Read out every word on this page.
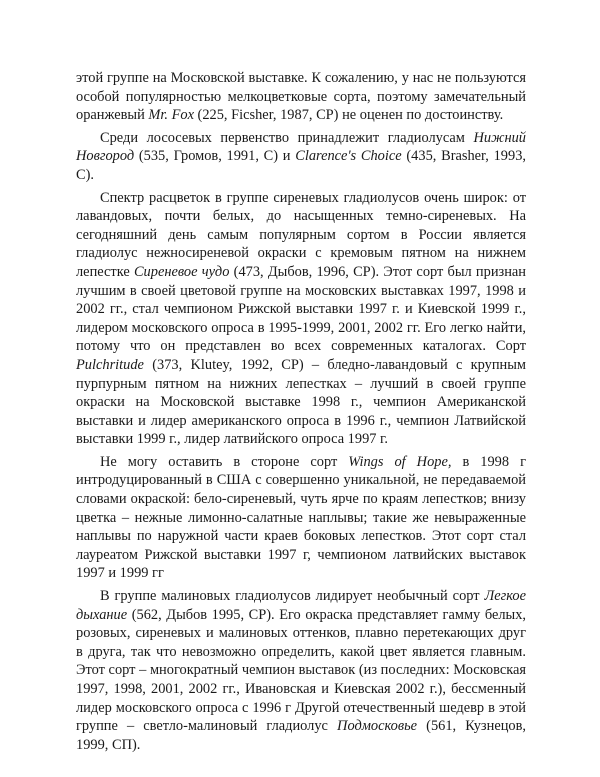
этой группе на Московской выставке. К сожалению, у нас не пользуются особой популярностью мелкоцветковые сорта, поэтому замечательный оранжевый Mr. Fox (225, Ficsher, 1987, СР) не оценен по достоинству.

Среди лососевых первенство принадлежит гладиолусам Нижний Новгород (535, Громов, 1991, С) и Clarence's Choice (435, Brasher, 1993, С).

Спектр расцветок в группе сиреневых гладиолусов очень широк: от лавандовых, почти белых, до насыщенных темно-сиреневых. На сегодняшний день самым популярным сортом в России является гладиолус нежносиреневой окраски с кремовым пятном на нижнем лепестке Сиреневое чудо (473, Дыбов, 1996, СР). Этот сорт был признан лучшим в своей цветовой группе на московских выставках 1997, 1998 и 2002 гг., стал чемпионом Рижской выставки 1997 г. и Киевской 1999 г., лидером московского опроса в 1995-1999, 2001, 2002 гг. Его легко найти, потому что он представлен во всех современных каталогах. Сорт Pulchritude (373, Klutey, 1992, СР) – бледно-лавандовый с крупным пурпурным пятном на нижних лепестках – лучший в своей группе окраски на Московской выставке 1998 г., чемпион Американской выставки и лидер американского опроса в 1996 г., чемпион Латвийской выставки 1999 г., лидер латвийского опроса 1997 г.

Не могу оставить в стороне сорт Wings of Hope, в 1998 г интродуцированный в США с совершенно уникальной, не передаваемой словами окраской: бело-сиреневый, чуть ярче по краям лепестков; внизу цветка – нежные лимонно-салатные наплывы; такие же невыраженные наплывы по наружной части краев боковых лепестков. Этот сорт стал лауреатом Рижской выставки 1997 г, чемпионом латвийских выставок 1997 и 1999 гг

В группе малиновых гладиолусов лидирует необычный сорт Легкое дыхание (562, Дыбов 1995, СР). Его окраска представляет гамму белых, розовых, сиреневых и малиновых оттенков, плавно перетекающих друг в друга, так что невозможно определить, какой цвет является главным. Этот сорт – многократный чемпион выставок (из последних: Московская 1997, 1998, 2001, 2002 гг., Ивановская и Киевская 2002 г.), бессменный лидер московского опроса с 1996 г Другой отечественный шедевр в этой группе – светло-малиновый гладиолус Подмосковье (561, Кузнецов, 1999, СП).
